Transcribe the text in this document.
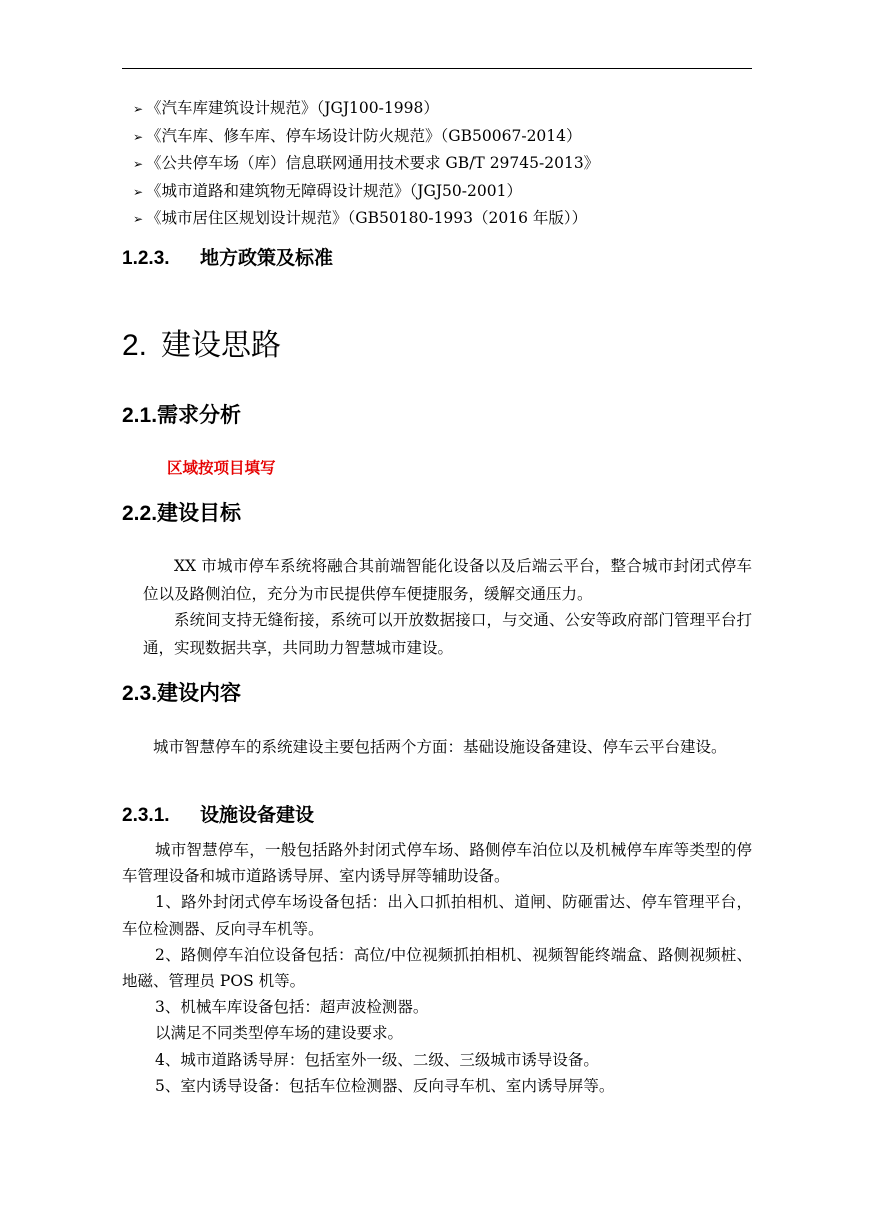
➢ 《汽车库建筑设计规范》（JGJ100-1998）
➢ 《汽车库、修车库、停车场设计防火规范》（GB50067-2014）
➢ 《公共停车场（库）信息联网通用技术要求 GB/T 29745-2013》
➢ 《城市道路和建筑物无障碍设计规范》（JGJ50-2001）
➢ 《城市居住区规划设计规范》（GB50180-1993（2016 年版））
1.2.3. 地方政策及标准
2. 建设思路
2.1.需求分析
区域按项目填写
2.2.建设目标
XX 市城市停车系统将融合其前端智能化设备以及后端云平台，整合城市封闭式停车位以及路侧泊位，充分为市民提供停车便捷服务，缓解交通压力。
系统间支持无缝衔接，系统可以开放数据接口，与交通、公安等政府部门管理平台打通，实现数据共享，共同助力智慧城市建设。
2.3.建设内容
城市智慧停车的系统建设主要包括两个方面：基础设施设备建设、停车云平台建设。
2.3.1. 设施设备建设

城市智慧停车，一般包括路外封闭式停车场、路侧停车泊位以及机械停车库等类型的停车管理设备和城市道路诱导屏、室内诱导屏等辅助设备。

1、路外封闭式停车场设备包括：出入口抓拍相机、道闸、防砸雷达、停车管理平台，车位检测器、反向寻车机等。

2、路侧停车泊位设备包括：高位/中位视频抓拍相机、视频智能终端盒、路侧视频桩、地磁、管理员 POS 机等。

3、机械车库设备包括：超声波检测器。

以满足不同类型停车场的建设要求。

4、城市道路诱导屏：包括室外一级、二级、三级城市诱导设备。

5、室内诱导设备：包括车位检测器、反向寻车机、室内诱导屏等。
